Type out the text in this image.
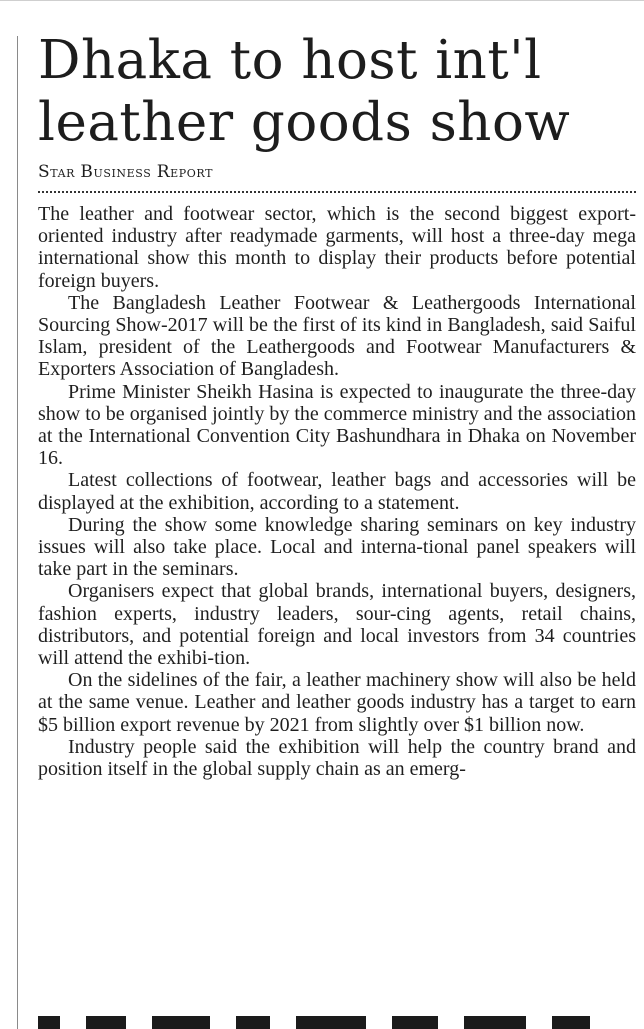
Dhaka to host int'l
leather goods show
Star Business Report

The leather and footwear sector, which is the second biggest export-oriented industry after readymade garments, will host a three-day mega international show this month to display their products before potential foreign buyers.

The Bangladesh Leather Footwear & Leathergoods International Sourcing Show-2017 will be the first of its kind in Bangladesh, said Saiful Islam, president of the Leathergoods and Footwear Manufacturers & Exporters Association of Bangladesh.

Prime Minister Sheikh Hasina is expected to inaugurate the three-day show to be organised jointly by the commerce ministry and the association at the International Convention City Bashundhara in Dhaka on November 16.

Latest collections of footwear, leather bags and accessories will be displayed at the exhibition, according to a statement.

During the show some knowledge sharing seminars on key industry issues will also take place. Local and interna-tional panel speakers will take part in the seminars.

Organisers expect that global brands, international buyers, designers, fashion experts, industry leaders, sour-cing agents, retail chains, distributors, and potential foreign and local investors from 34 countries will attend the exhibi-tion.

On the sidelines of the fair, a leather machinery show will also be held at the same venue. Leather and leather goods industry has a target to earn $5 billion export revenue by 2021 from slightly over $1 billion now.

Industry people said the exhibition will help the country brand and position itself in the global supply chain as an emerg-
